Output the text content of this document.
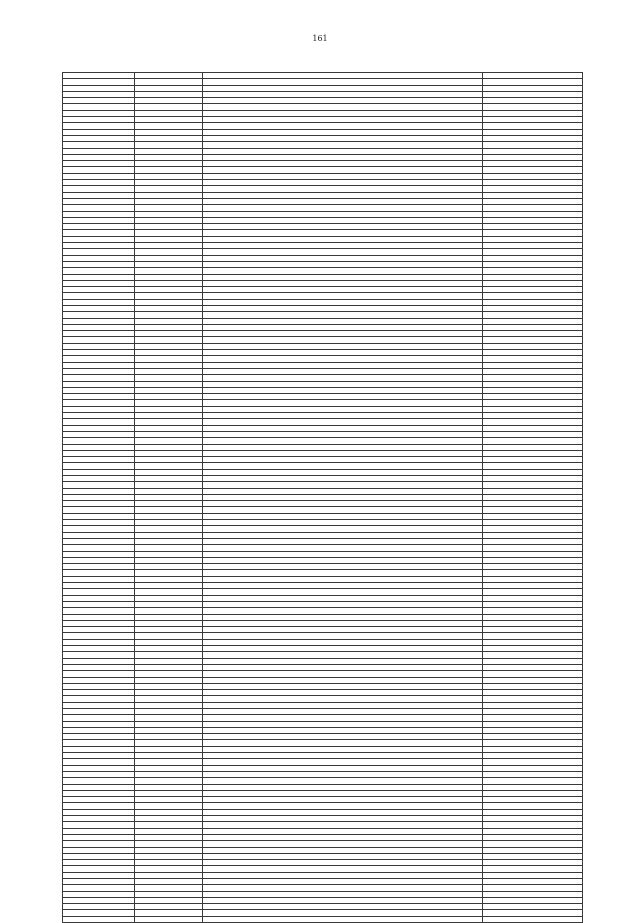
161
